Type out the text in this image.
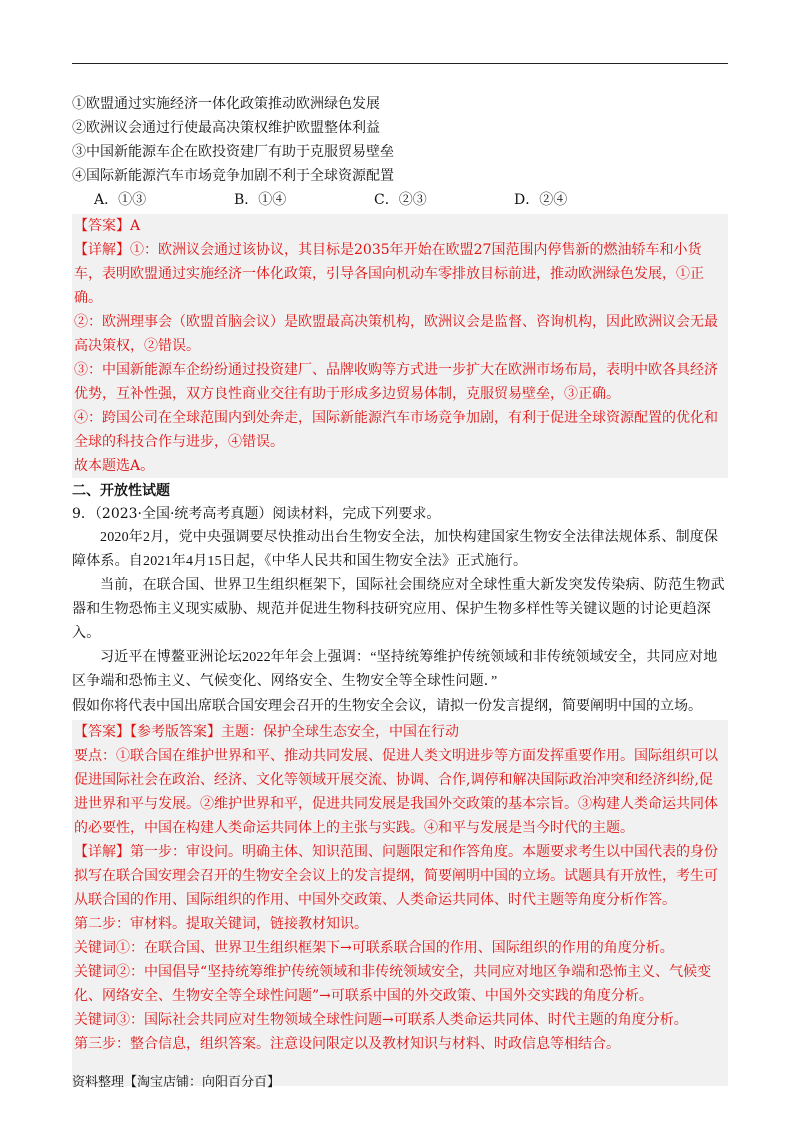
①欧盟通过实施经济一体化政策推动欧洲绿色发展
②欧洲议会通过行使最高决策权维护欧盟整体利益
③中国新能源车企在欧投资建厂有助于克服贸易壁垒
④国际新能源汽车市场竞争加剧不利于全球资源配置
A．①③	B．①④	C．②③	D．②④
【答案】A
【详解】①：欧洲议会通过该协议，其目标是2035年开始在欧盟27国范围内停售新的燃油轿车和小货车，表明欧盟通过实施经济一体化政策，引导各国向机动车零排放目标前进，推动欧洲绿色发展，①正确。
②：欧洲理事会（欧盟首脑会议）是欧盟最高决策机构，欧洲议会是监督、咨询机构，因此欧洲议会无最高决策权，②错误。
③：中国新能源车企纷纷通过投资建厂、品牌收购等方式进一步扩大在欧洲市场布局，表明中欧各具经济优势，互补性强，双方良性商业交往有助于形成多边贸易体制，克服贸易壁垒，③正确。
④：跨国公司在全球范围内到处奔走，国际新能源汽车市场竞争加剧，有利于促进全球资源配置的优化和全球的科技合作与进步，④错误。
故本题选A。
二、开放性试题
9．（2023·全国·统考高考真题）阅读材料，完成下列要求。
2020年2月，党中央强调要尽快推动出台生物安全法，加快构建国家生物安全法律法规体系、制度保障体系。自2021年4月15日起，《中华人民共和国生物安全法》正式施行。
当前，在联合国、世界卫生组织框架下，国际社会围绕应对全球性重大新发突发传染病、防范生物武器和生物恐怖主义现实威胁、规范并促进生物科技研究应用、保护生物多样性等关键议题的讨论更趋深入。
习近平在博鳌亚洲论坛2022年年会上强调：“坚持统筹维护传统领域和非传统领域安全，共同应对地区争端和恐怖主义、气候变化、网络安全、生物安全等全球性问题．”
假如你将代表中国出席联合国安理会召开的生物安全会议，请拟一份发言提纲，简要阐明中国的立场。
【答案】【参考版答案】主题：保护全球生态安全，中国在行动
要点：①联合国在维护世界和平、推动共同发展、促进人类文明进步等方面发挥重要作用。国际组织可以促进国际社会在政治、经济、文化等领域开展交流、协调、合作,调停和解决国际政治冲突和经济纠纷,促进世界和平与发展。②维护世界和平，促进共同发展是我国外交政策的基本宗旨。③构建人类命运共同体的必要性，中国在构建人类命运共同体上的主张与实践。④和平与发展是当今时代的主题。
【详解】第一步：审设问。明确主体、知识范围、问题限定和作答角度。本题要求考生以中国代表的身份拟写在联合国安理会召开的生物安全会议上的发言提纲，简要阐明中国的立场。试题具有开放性，考生可从联合国的作用、国际组织的作用、中国外交政策、人类命运共同体、时代主题等角度分析作答。
第二步：审材料。提取关键词，链接教材知识。
关键词①：在联合国、世界卫生组织框架下→可联系联合国的作用、国际组织的作用的角度分析。
关键词②：中国倡导“坚持统筹维护传统领域和非传统领域安全，共同应对地区争端和恐怖主义、气候变化、网络安全、生物安全等全球性问题”→可联系中国的外交政策、中国外交实践的角度分析。
关键词③：国际社会共同应对生物领域全球性问题→可联系人类命运共同体、时代主题的角度分析。
第三步：整合信息，组织答案。注意设问限定以及教材知识与材料、时政信息等相结合。
资料整理【淘宝店铺：向阳百分百】
